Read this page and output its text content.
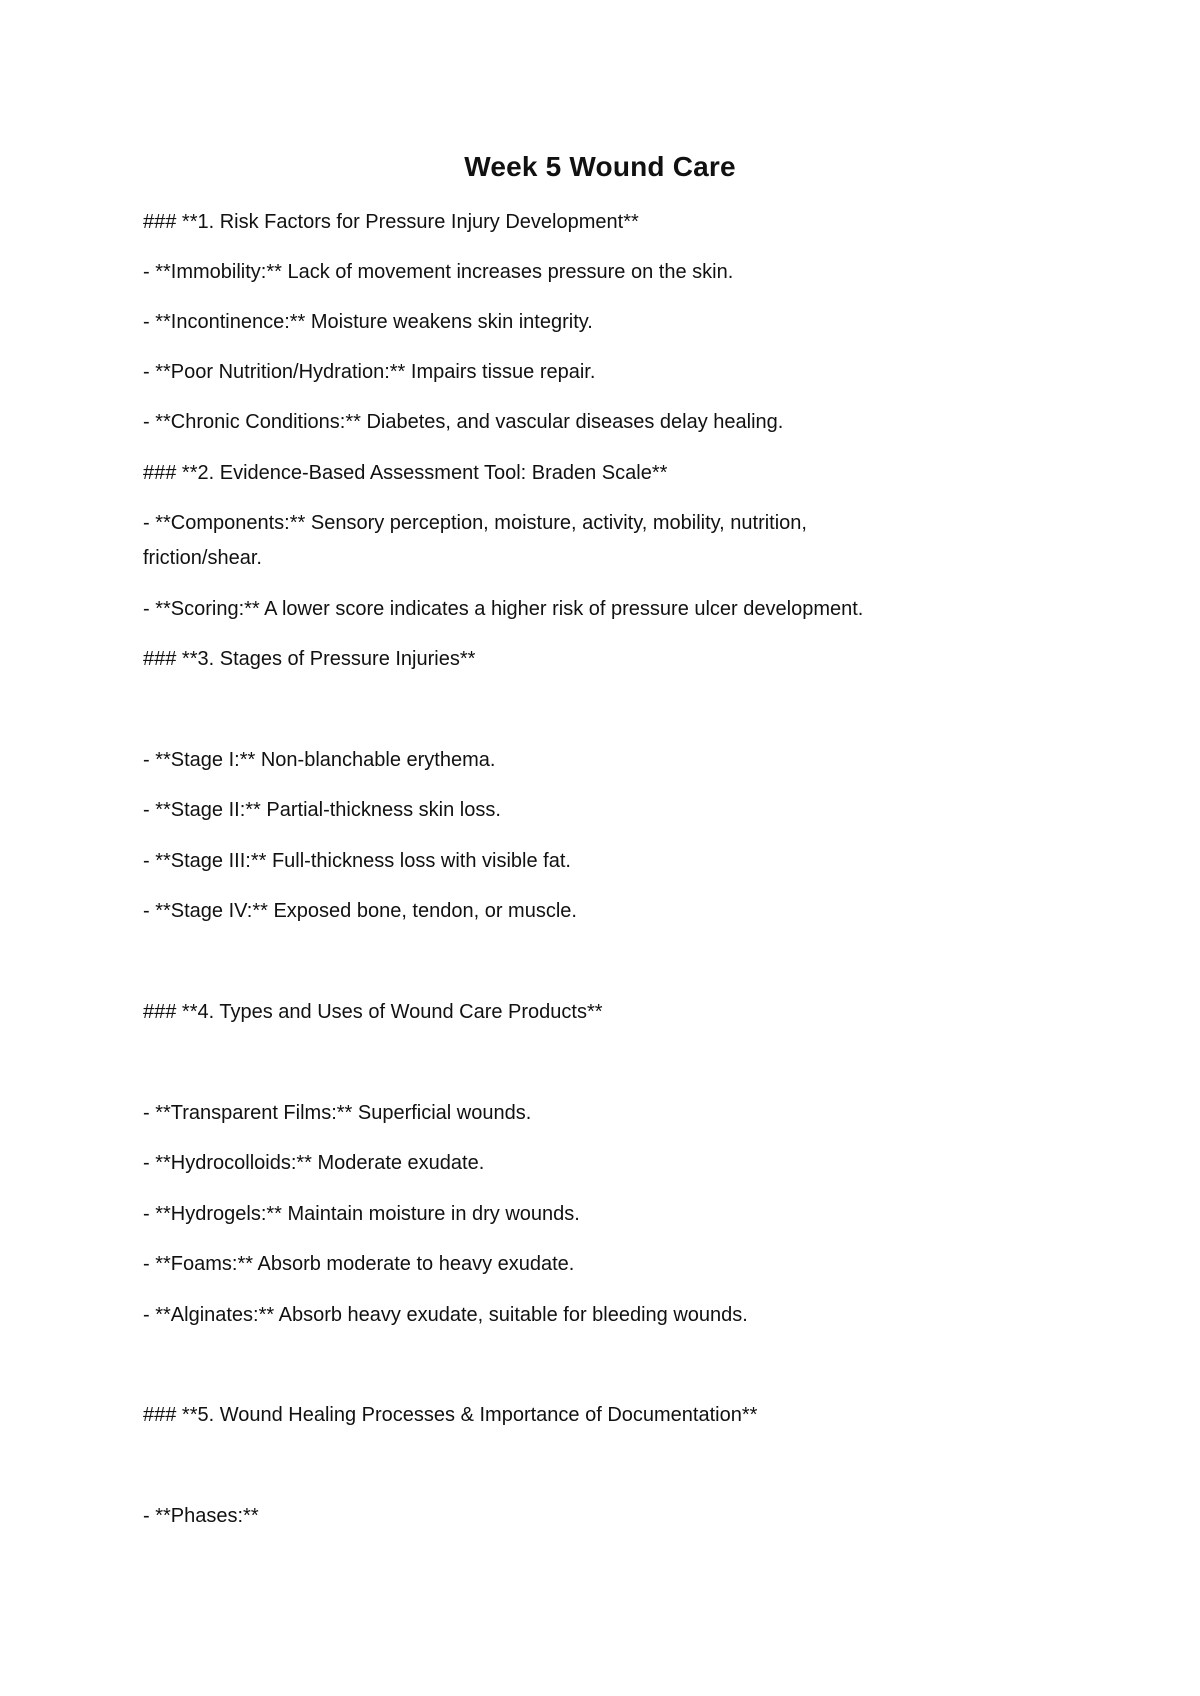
Week 5 Wound Care
### **1. Risk Factors for Pressure Injury Development**
- **Immobility:** Lack of movement increases pressure on the skin.
- **Incontinence:** Moisture weakens skin integrity.
- **Poor Nutrition/Hydration:** Impairs tissue repair.
- **Chronic Conditions:** Diabetes, and vascular diseases delay healing.
### **2. Evidence-Based Assessment Tool: Braden Scale**
- **Components:** Sensory perception, moisture, activity, mobility, nutrition,
friction/shear.
- **Scoring:** A lower score indicates a higher risk of pressure ulcer development.
### **3. Stages of Pressure Injuries**
- **Stage I:** Non-blanchable erythema.
- **Stage II:** Partial-thickness skin loss.
- **Stage III:** Full-thickness loss with visible fat.
- **Stage IV:** Exposed bone, tendon, or muscle.
### **4. Types and Uses of Wound Care Products**
- **Transparent Films:** Superficial wounds.
- **Hydrocolloids:** Moderate exudate.
- **Hydrogels:** Maintain moisture in dry wounds.
- **Foams:** Absorb moderate to heavy exudate.
- **Alginates:** Absorb heavy exudate, suitable for bleeding wounds.
### **5. Wound Healing Processes & Importance of Documentation**
- **Phases:**
